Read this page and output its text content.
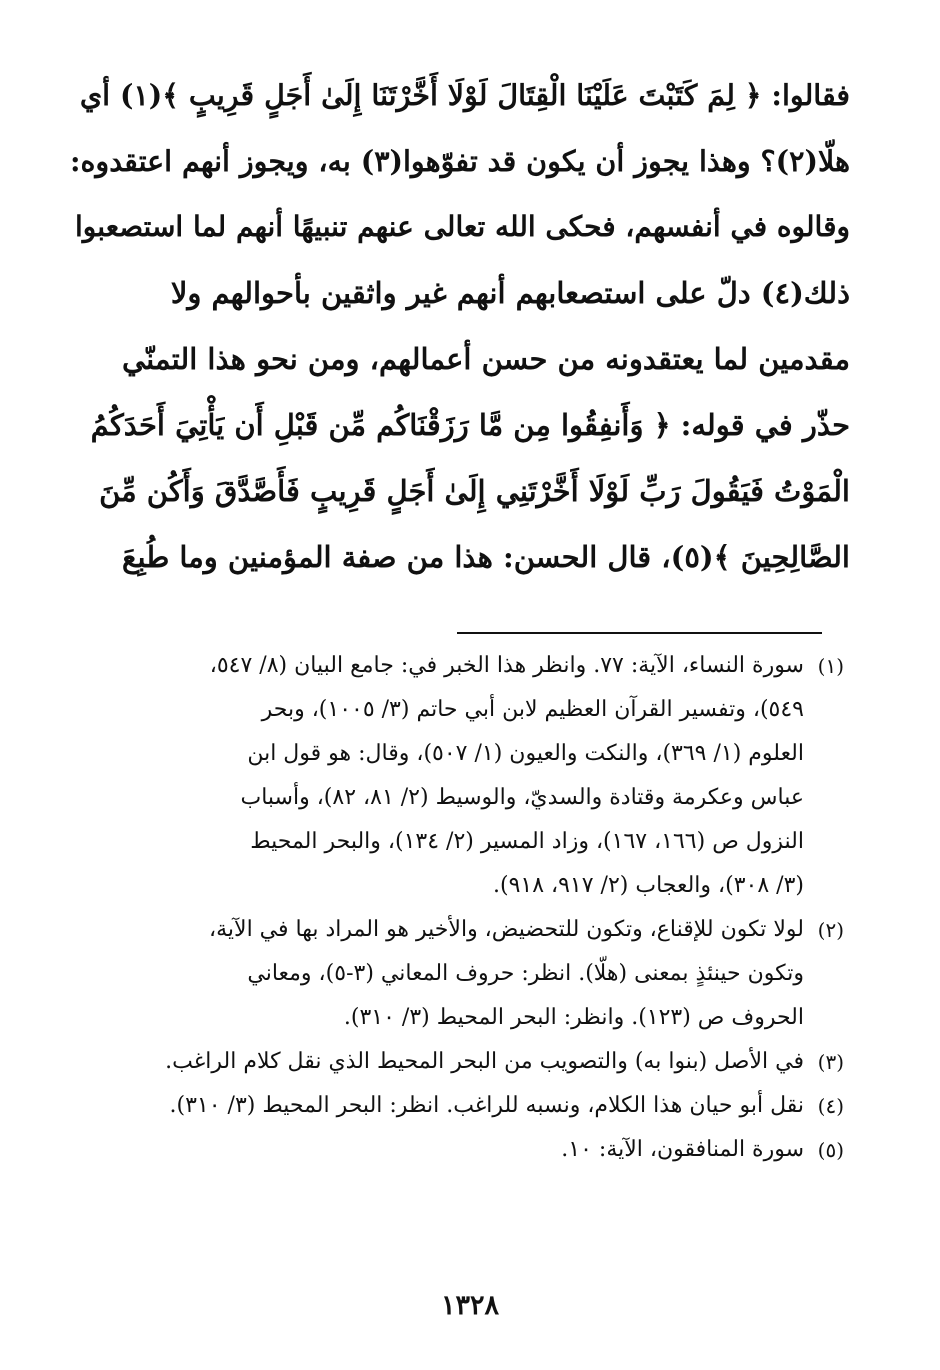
فقالوا: ﴿ لِمَ كَتَبْتَ عَلَيْنَا الْقِتَالَ لَوْلَا أَخَّرْتَنَا إِلَىٰ أَجَلٍ قَرِيبٍ ﴾(١) أي
هلّا(٢)؟ وهذا يجوز أن يكون قد تفوّهوا(٣) به، ويجوز أنهم اعتقدوه:
وقالوه في أنفسهم، فحكى الله تعالى عنهم تنبيهًا أنهم لما استصعبوا
ذلك(٤) دلّ على استصعابهم أنهم غير واثقين بأحوالهم ولا
مقدمين لما يعتقدونه من حسن أعمالهم، ومن نحو هذا التمنّي
حذّر في قوله: ﴿ وَأَنفِقُوا مِن مَّا رَزَقْنَاكُم مِّن قَبْلِ أَن يَأْتِيَ أَحَدَكُمُ
الْمَوْتُ فَيَقُولَ رَبِّ لَوْلَا أَخَّرْتَنِي إِلَىٰ أَجَلٍ قَرِيبٍ فَأَصَّدَّقَ وَأَكُن مِّنَ
الصَّالِحِينَ ﴾(٥)، قال الحسن: هذا من صفة المؤمنين وما طُبِعَ
(١)
سورة النساء، الآية: ٧٧. وانظر هذا الخبر في: جامع البيان (٨/ ٥٤٧،
٥٤٩)، وتفسير القرآن العظيم لابن أبي حاتم (٣/ ١٠٠٥)، وبحر
العلوم (١/ ٣٦٩)، والنكت والعيون (١/ ٥٠٧)، وقال: هو قول ابن
عباس وعكرمة وقتادة والسديّ، والوسيط (٢/ ٨١، ٨٢)، وأسباب
النزول ص (١٦٦، ١٦٧)، وزاد المسير (٢/ ١٣٤)، والبحر المحيط
(٣/ ٣٠٨)، والعجاب (٢/ ٩١٧، ٩١٨).
(٢)
لولا تكون للإقناع، وتكون للتحضيض، والأخير هو المراد بها في الآية،
وتكون حينئذٍ بمعنى (هلّا). انظر: حروف المعاني (٣-٥)، ومعاني
الحروف ص (١٢٣). وانظر: البحر المحيط (٣/ ٣١٠).
(٣)
في الأصل (بنوا به) والتصويب من البحر المحيط الذي نقل كلام الراغب.
(٤)
نقل أبو حيان هذا الكلام، ونسبه للراغب. انظر: البحر المحيط (٣/ ٣١٠).
(٥)
سورة المنافقون، الآية: ١٠.
١٣٢٨
